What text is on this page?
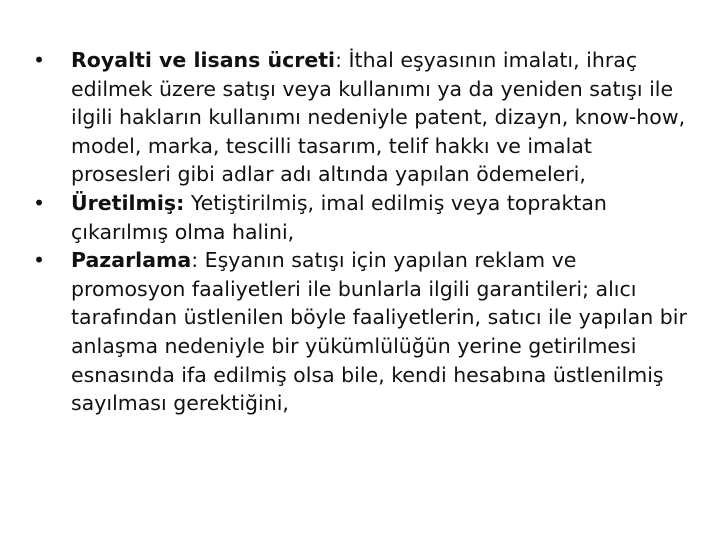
• Royalti ve lisans ücreti: İthal eşyasının imalatı, ihraç edilmek üzere satışı veya kullanımı ya da yeniden satışı ile ilgili hakların kullanımı nedeniyle patent, dizayn, know-how, model, marka, tescilli tasarım, telif hakkı ve imalat prosesleri gibi adlar adı altında yapılan ödemeleri,
• Üretilmiş: Yetiştirilmiş, imal edilmiş veya topraktan çıkarılmış olma halini,
• Pazarlama: Eşyanın satışı için yapılan reklam ve promosyon faaliyetleri ile bunlarla ilgili garantileri; alıcı tarafından üstlenilen böyle faaliyetlerin, satıcı ile yapılan bir anlaşma nedeniyle bir yükümlülüğün yerine getirilmesi esnasında ifa edilmiş olsa bile, kendi hesabına üstlenilmiş sayılması gerektiğini,
